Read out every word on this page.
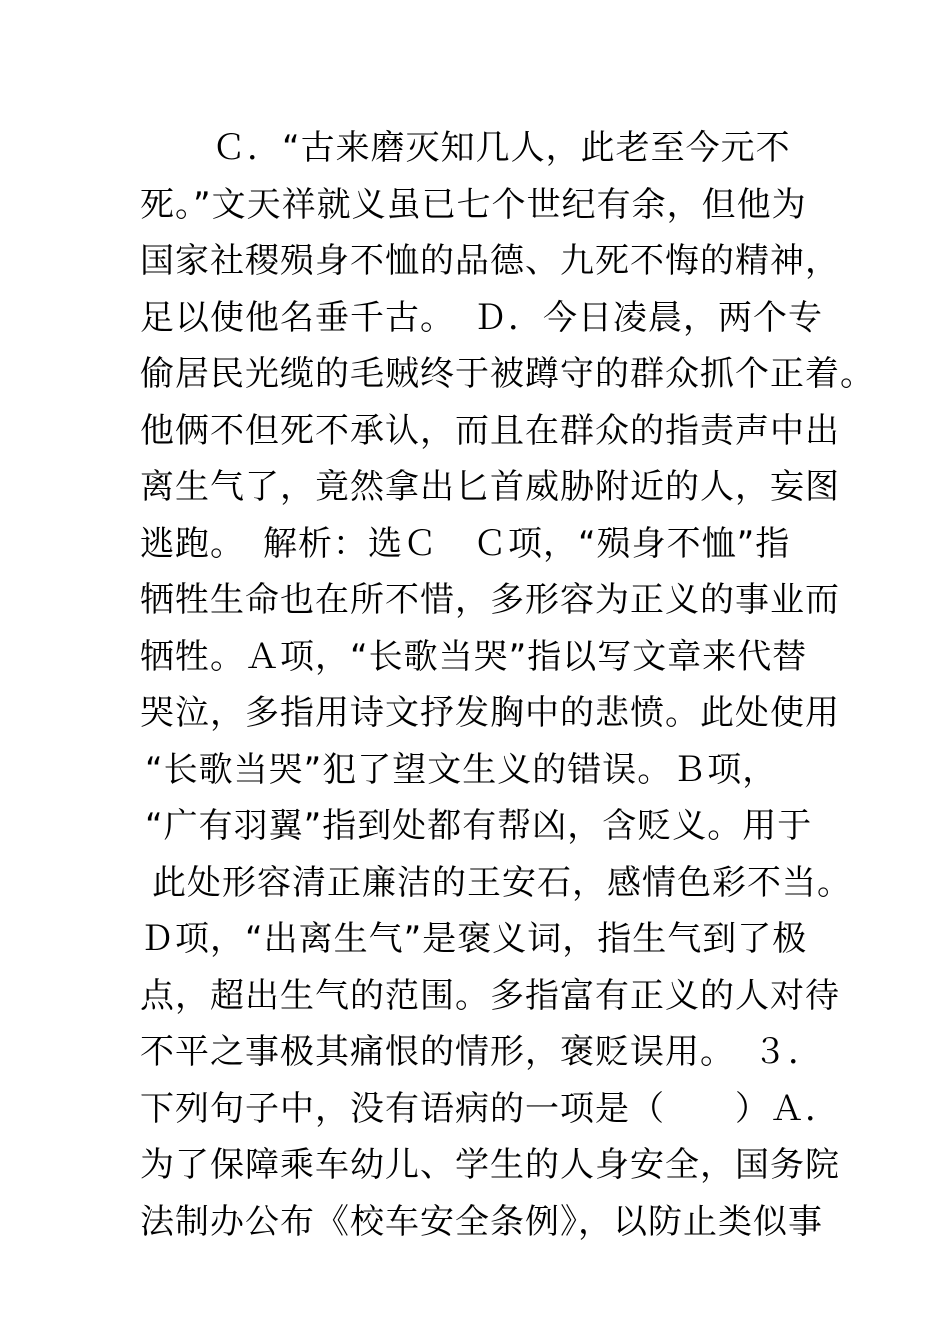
Ｃ．“古来磨灭知几人，此老至今元不
死。”文天祥就义虽已七个世纪有余，但他为
国家社稷殒身不恤的品德、九死不悔的精神，
足以使他名垂千古。　Ｄ．今日凌晨，两个专
偷居民光缆的毛贼终于被蹲守的群众抓个正着。
他俩不但死不承认，而且在群众的指责声中出
离生气了，竟然拿出匕首威胁附近的人，妄图
逃跑。　解析：选Ｃ　Ｃ项，“殒身不恤”指
牺牲生命也在所不惜，多形容为正义的事业而
牺牲。Ａ项，“长歌当哭”指以写文章来代替
哭泣，多指用诗文抒发胸中的悲愤。此处使用
“长歌当哭”犯了望文生义的错误。Ｂ项，
“广有羽翼”指到处都有帮凶，含贬义。用于
此处形容清正廉洁的王安石，感情色彩不当。
Ｄ项，“出离生气”是褒义词，指生气到了极
点，超出生气的范围。多指富有正义的人对待
不平之事极其痛恨的情形，褒贬误用。　３．
下列句子中，没有语病的一项是（　　）Ａ．
为了保障乘车幼儿、学生的人身安全，国务院
法制办公布《校车安全条例》，以防止类似事
